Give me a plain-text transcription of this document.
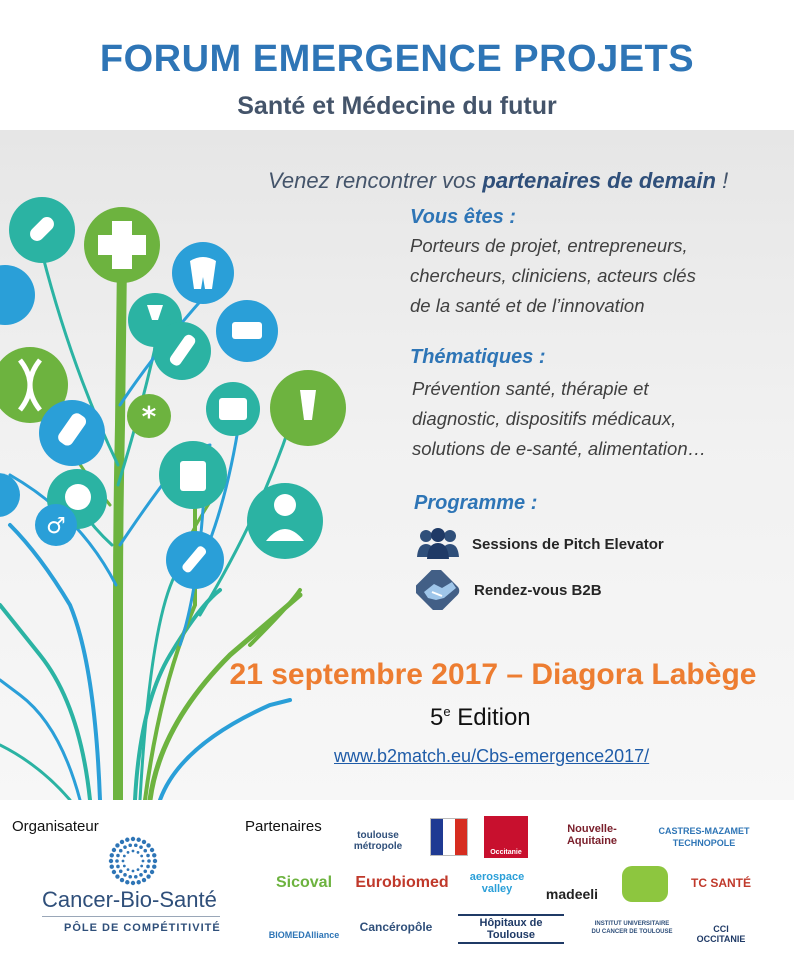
FORUM EMERGENCE PROJETS
Santé et Médecine du futur
*
♂
Venez rencontrer vos partenaires de demain !
Vous êtes :
Porteurs de projet, entrepreneurs,
chercheurs, cliniciens, acteurs clés
de la santé et de l’innovation
Thématiques :
Prévention santé, thérapie et
diagnostic, dispositifs médicaux,
solutions de e-santé, alimentation…
Programme :
Sessions de Pitch Elevator
Rendez-vous B2B
21 septembre 2017 – Diagora Labège
5e Edition
www.b2match.eu/Cbs-emergence2017/
Organisateur	Partenaires
Cancer-Bio-Santé
PÔLE DE COMPÉTITIVITÉ
toulouse
métropole
Occitanie
Nouvelle-
Aquitaine
CASTRES-MAZAMET
TECHNOPOLE
Sicoval	Eurobiomed	aerospace
valley	madeeli
TC SANTÉ
BIOMEDAlliance
Cancéropôle	Hôpitaux de Toulouse
INSTITUT UNIVERSITAIRE
DU CANCER DE TOULOUSE	CCI OCCITANIE
